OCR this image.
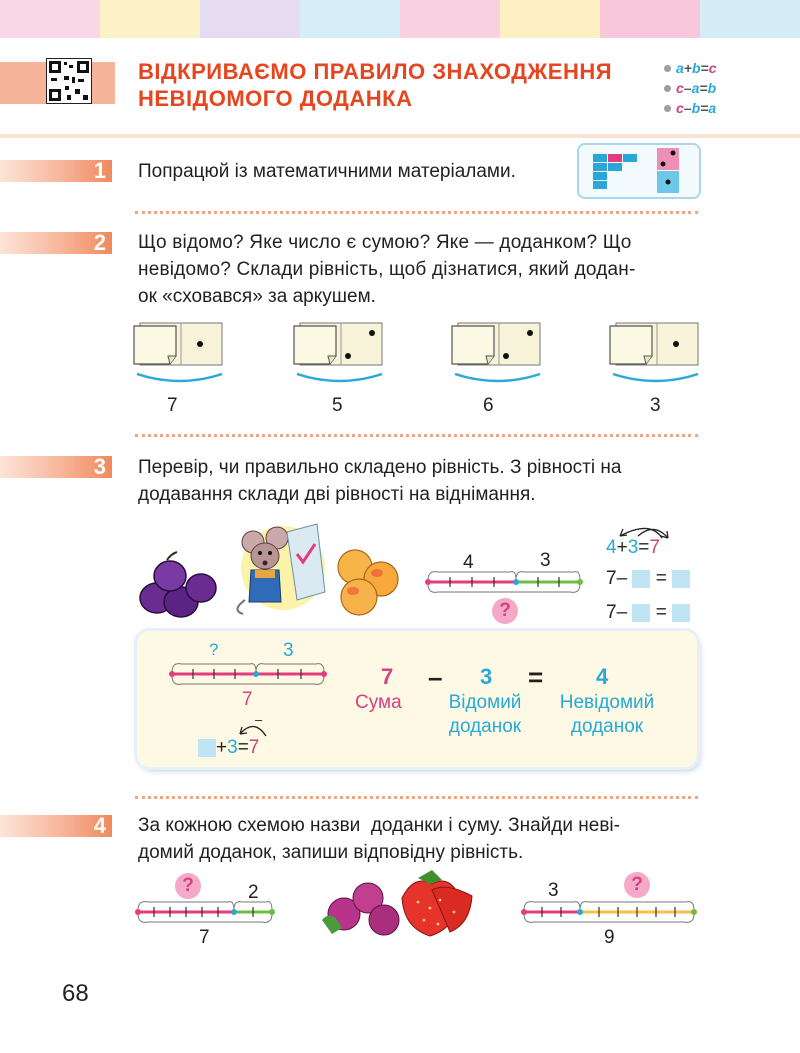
ВІДКРИВАЄМО ПРАВИЛО ЗНАХОДЖЕННЯ
НЕВІДОМОГО ДОДАНКА
a + b = c
c – a = b
c – b = a
1 Попрацюй із математичними матеріалами.
2 Що відомо? Яке число є сумою? Яке — доданком? Що
невідомо? Склади рівність, щоб дізнатися, який додан-
ок «сховався» за аркушем.
7	5	6	3
3 Перевір, чи правильно складено рівність. З рівності на
додавання склади дві рівності на віднімання.
4	3
?
4+3=7
7– =
7– =
?	3
7
7 – 3 = 4
Сума	Відомий
доданок
Невідомий
доданок
–
+3=7
4 За кожною схемою назви  доданки і суму. Знайди неві-
домий доданок, запиши відповідну рівність.
?	2
7
3	?
9
68
